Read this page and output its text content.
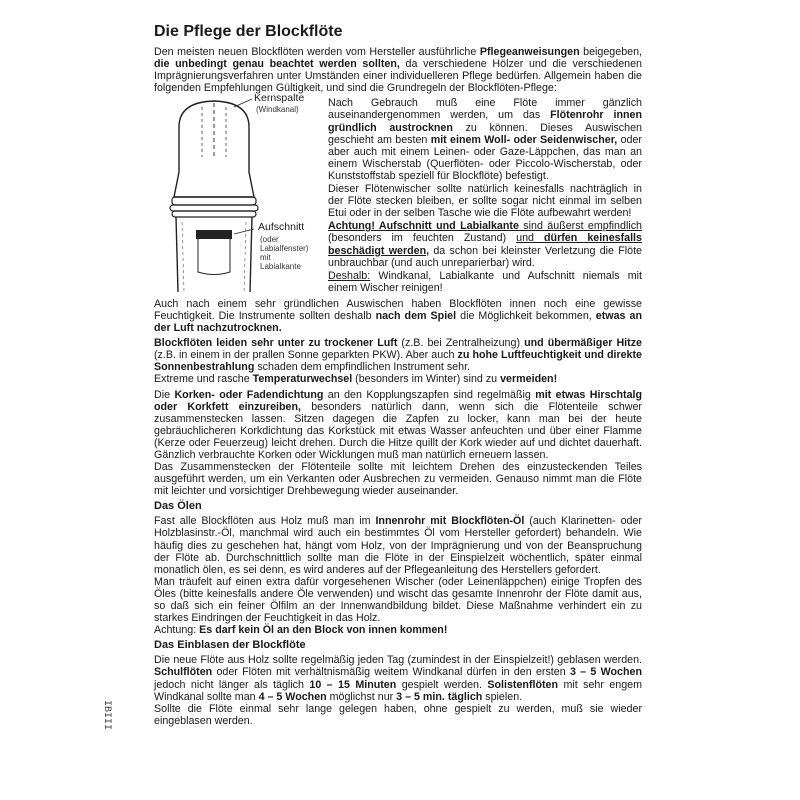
IBIII
Die Pflege der Blockflöte

Den meisten neuen Blockflöten werden vom Hersteller ausführliche Pflegeanweisungen beigegeben, die unbedingt genau beachtet werden sollten, da verschiedene Hölzer und die verschiedenen Imprägnierungsverfahren unter Umständen einer individuelleren Pflege bedürfen. Allgemein haben die folgenden Empfehlungen Gültigkeit, und sind die Grundregeln der Blockflöten-Pflege:

Kernspalte
(Windkanal)
Aufschnitt
(oder
Labialfenster)
mit
Labialkante

Nach Gebrauch muß eine Flöte immer gänzlich auseinandergenommen werden, um das Flötenrohr innen gründlich austrocknen zu können. Dieses Auswischen geschieht am besten mit einem Woll- oder Seidenwischer, oder aber auch mit einem Leinen- oder Gaze-Läppchen, das man an einem Wischerstab (Querflöten- oder Piccolo-Wischerstab, oder Kunststoffstab speziell für Blockflöte) befestigt.

Dieser Flötenwischer sollte natürlich keinesfalls nachträglich in der Flöte stecken bleiben, er sollte sogar nicht einmal im selben Etui oder in der selben Tasche wie die Flöte aufbewahrt werden!

Achtung! Aufschnitt und Labialkante sind äußerst empfindlich (besonders im feuchten Zustand) und dürfen keinesfalls beschädigt werden, da schon bei kleinster Verletzung die Flöte unbrauchbar (und auch unreparierbar) wird.

Deshalb: Windkanal, Labialkante und Aufschnitt niemals mit einem Wischer reinigen!

Auch nach einem sehr gründlichen Auswischen haben Blockflöten innen noch eine gewisse Feuchtigkeit. Die Instrumente sollten deshalb nach dem Spiel die Möglichkeit bekommen, etwas an der Luft nachzutrocknen.

Blockflöten leiden sehr unter zu trockener Luft (z.B. bei Zentralheizung) und übermäßiger Hitze (z.B. in einem in der prallen Sonne geparkten PKW). Aber auch zu hohe Luftfeuchtigkeit und direkte Sonnenbestrahlung schaden dem empfindlichen Instrument sehr.
Extreme und rasche Temperaturwechsel (besonders im Winter) sind zu vermeiden!

Die Korken- oder Fadendichtung an den Kopplungszapfen sind regelmäßig mit etwas Hirschtalg oder Korkfett einzureiben, besonders natürlich dann, wenn sich die Flötenteile schwer zusammenstecken lassen. Sitzen dagegen die Zapfen zu locker, kann man bei der heute gebräuchlicheren Korkdichtung das Korkstück mit etwas Wasser anfeuchten und über einer Flamme (Kerze oder Feuerzeug) leicht drehen. Durch die Hitze quillt der Kork wieder auf und dichtet dauerhaft. Gänzlich verbrauchte Korken oder Wicklungen muß man natürlich erneuern lassen.
Das Zusammenstecken der Flötenteile sollte mit leichtem Drehen des einzusteckenden Teiles ausgeführt werden, um ein Verkanten oder Ausbrechen zu vermeiden. Genauso nimmt man die Flöte mit leichter und vorsichtiger Drehbewegung wieder auseinander.

Das Ölen

Fast alle Blockflöten aus Holz muß man im Innenrohr mit Blockflöten-Öl (auch Klarinetten- oder Holzblasinstr.-Öl, manchmal wird auch ein bestimmtes Öl vom Hersteller gefordert) behandeln. Wie häufig dies zu geschehen hat, hängt vom Holz, von der Imprägnierung und von der Beanspruchung der Flöte ab. Durchschnittlich sollte man die Flöte in der Einspielzeit wöchentlich, später einmal monatlich ölen, es sei denn, es wird anderes auf der Pflegeanleitung des Herstellers gefordert.
Man träufelt auf einen extra dafür vorgesehenen Wischer (oder Leinenläppchen) einige Tropfen des Öles (bitte keinesfalls andere Öle verwenden) und wischt das gesamte Innenrohr der Flöte damit aus, so daß sich ein feiner Ölfilm an der Innenwandbildung bildet. Diese Maßnahme verhindert ein zu starkes Eindringen der Feuchtigkeit in das Holz.
Achtung: Es darf kein Öl an den Block von innen kommen!

Das Einblasen der Blockflöte

Die neue Flöte aus Holz sollte regelmäßig jeden Tag (zumindest in der Einspielzeit!) geblasen werden. Schulflöten oder Flöten mit verhältnismäßig weitem Windkanal dürfen in den ersten 3 – 5 Wochen jedoch nicht länger als täglich 10 – 15 Minuten gespielt werden. Solistenflöten mit sehr engem Windkanal sollte man 4 – 5 Wochen möglichst nur 3 – 5 min. täglich spielen.
Sollte die Flöte einmal sehr lange gelegen haben, ohne gespielt zu werden, muß sie wieder eingeblasen werden.
